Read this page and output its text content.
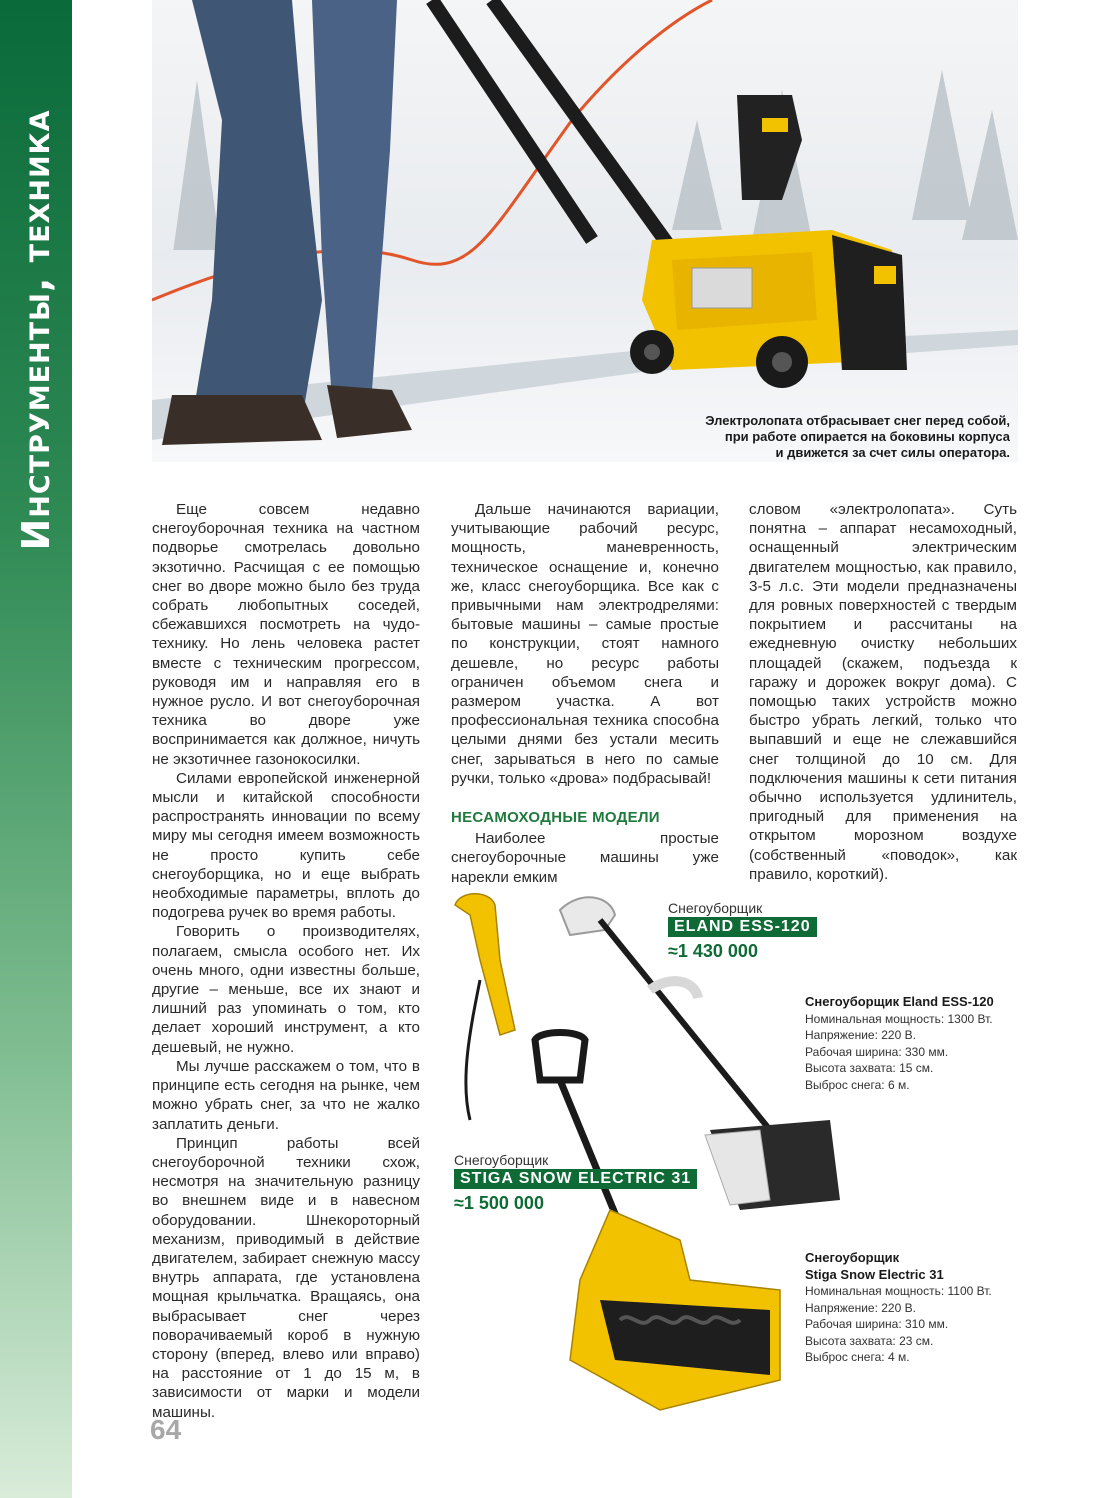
Инструменты, техника	Электролопата отбрасывает снег перед собой,
при работе опирается на боковины корпуса
и движется за счет силы оператора.

Еще совсем недавно снегоуборочная техника на частном подворье смотрелась довольно экзотично. Расчищая с ее помощью снег во дворе можно было без труда собрать любопытных соседей, сбежавшихся посмотреть на чудо-технику. Но лень человека растет вместе с техническим прогрессом, руководя им и направляя его в нужное русло. И вот снегоуборочная техника во дворе уже воспринимается как должное, ничуть не экзотичнее газонокосилки.

Силами европейской инженерной мысли и китайской способности распространять инновации по всему миру мы сегодня имеем возможность не просто купить себе снегоуборщика, но и еще выбрать необходимые параметры, вплоть до подогрева ручек во время работы.

Говорить о производителях, полагаем, смысла особого нет. Их очень много, одни известны больше, другие – меньше, все их знают и лишний раз упоминать о том, кто делает хороший инструмент, а кто дешевый, не нужно.

Мы лучше расскажем о том, что в принципе есть сегодня на рынке, чем можно убрать снег, за что не жалко заплатить деньги.

Принцип работы всей снегоуборочной техники схож, несмотря на значительную разницу во внешнем виде и в навесном оборудовании. Шнекороторный механизм, приводимый в действие двигателем, забирает снежную массу внутрь аппарата, где установлена мощная крыльчатка. Вращаясь, она выбрасывает снег через поворачиваемый короб в нужную сторону (вперед, влево или вправо) на расстояние от 1 до 15 м, в зависимости от марки и модели машины.

Дальше начинаются вариации, учитывающие рабочий ресурс, мощность, маневренность, техническое оснащение и, конечно же, класс снегоуборщика. Все как с привычными нам электродрелями: бытовые машины – самые простые по конструкции, стоят намного дешевле, но ресурс работы ограничен объемом снега и размером участка. А вот профессиональная техника способна целыми днями без устали месить снег, зарываться в него по самые ручки, только «дрова» подбрасывай!

НЕСАМОХОДНЫЕ МОДЕЛИ

Наиболее простые снегоуборочные машины уже нарекли емким

словом «электролопата». Суть понятна – аппарат несамоходный, оснащенный электрическим двигателем мощностью, как правило, 3-5 л.с. Эти модели предназначены для ровных поверхностей с твердым покрытием и рассчитаны на ежедневную очистку небольших площадей (скажем, подъезда к гаражу и дорожек вокруг дома). С помощью таких устройств можно быстро убрать легкий, только что выпавший и еще не слежавшийся снег толщиной до 10 см. Для подключения машины к сети питания обычно используется удлинитель, пригодный для применения на открытом морозном воздухе (собственный «поводок», как правило, короткий).

Снегоуборщик
ELAND ESS-120
≈1 430 000
Снегоуборщик
STIGA SNOW ELECTRIC 31
≈1 500 000
Снегоуборщик Eland ESS-120
Номинальная мощность: 1300 Вт.
Напряжение: 220 В.
Рабочая ширина: 330 мм.
Высота захвата: 15 см.
Выброс снега: 6 м.
Снегоуборщик
Stiga Snow Electric 31
Номинальная мощность: 1100 Вт.
Напряжение: 220 В.
Рабочая ширина: 310 мм.
Высота захвата: 23 см.
Выброс снега: 4 м.
64
